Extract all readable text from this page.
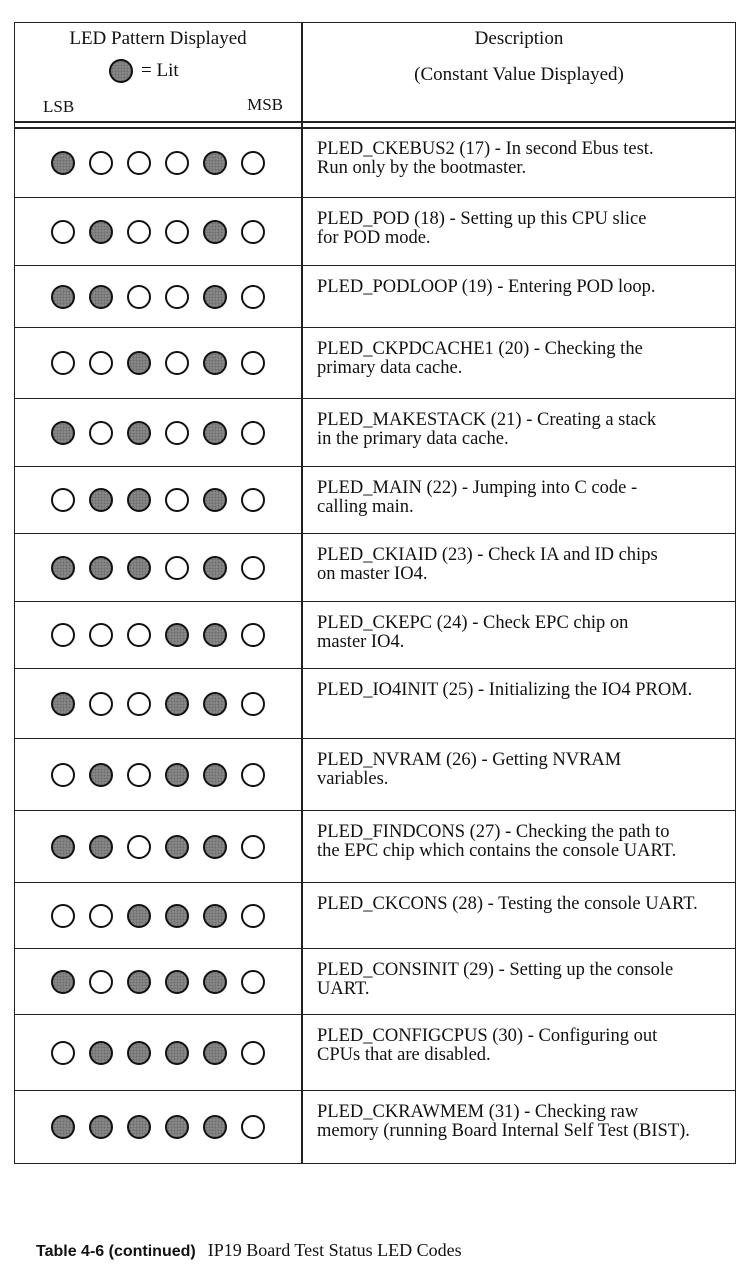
LED Pattern Displayed
= Lit
LSB	MSB
Description
(Constant Value Displayed)
PLED_CKEBUS2 (17) - In second Ebus test.
Run only by the bootmaster.
PLED_POD (18) - Setting up this CPU slice
for POD mode.
PLED_PODLOOP (19) - Entering POD loop.
PLED_CKPDCACHE1 (20) - Checking the
primary data cache.
PLED_MAKESTACK (21) - Creating a stack
in the primary data cache.
PLED_MAIN (22) - Jumping into C code -
calling main.
PLED_CKIAID (23) - Check IA and ID chips
on master IO4.
PLED_CKEPC (24) - Check EPC chip on
master IO4.
PLED_IO4INIT (25) - Initializing the IO4 PROM.
PLED_NVRAM (26) - Getting NVRAM
variables.
PLED_FINDCONS (27) - Checking the path to
the EPC chip which contains the console UART.
PLED_CKCONS (28) - Testing the console UART.
PLED_CONSINIT (29) - Setting up the console
UART.
PLED_CONFIGCPUS (30) - Configuring out
CPUs that are disabled.
PLED_CKRAWMEM (31) - Checking raw
memory (running Board Internal Self Test (BIST).
Table 4-6 (continued) IP19 Board Test Status LED Codes
